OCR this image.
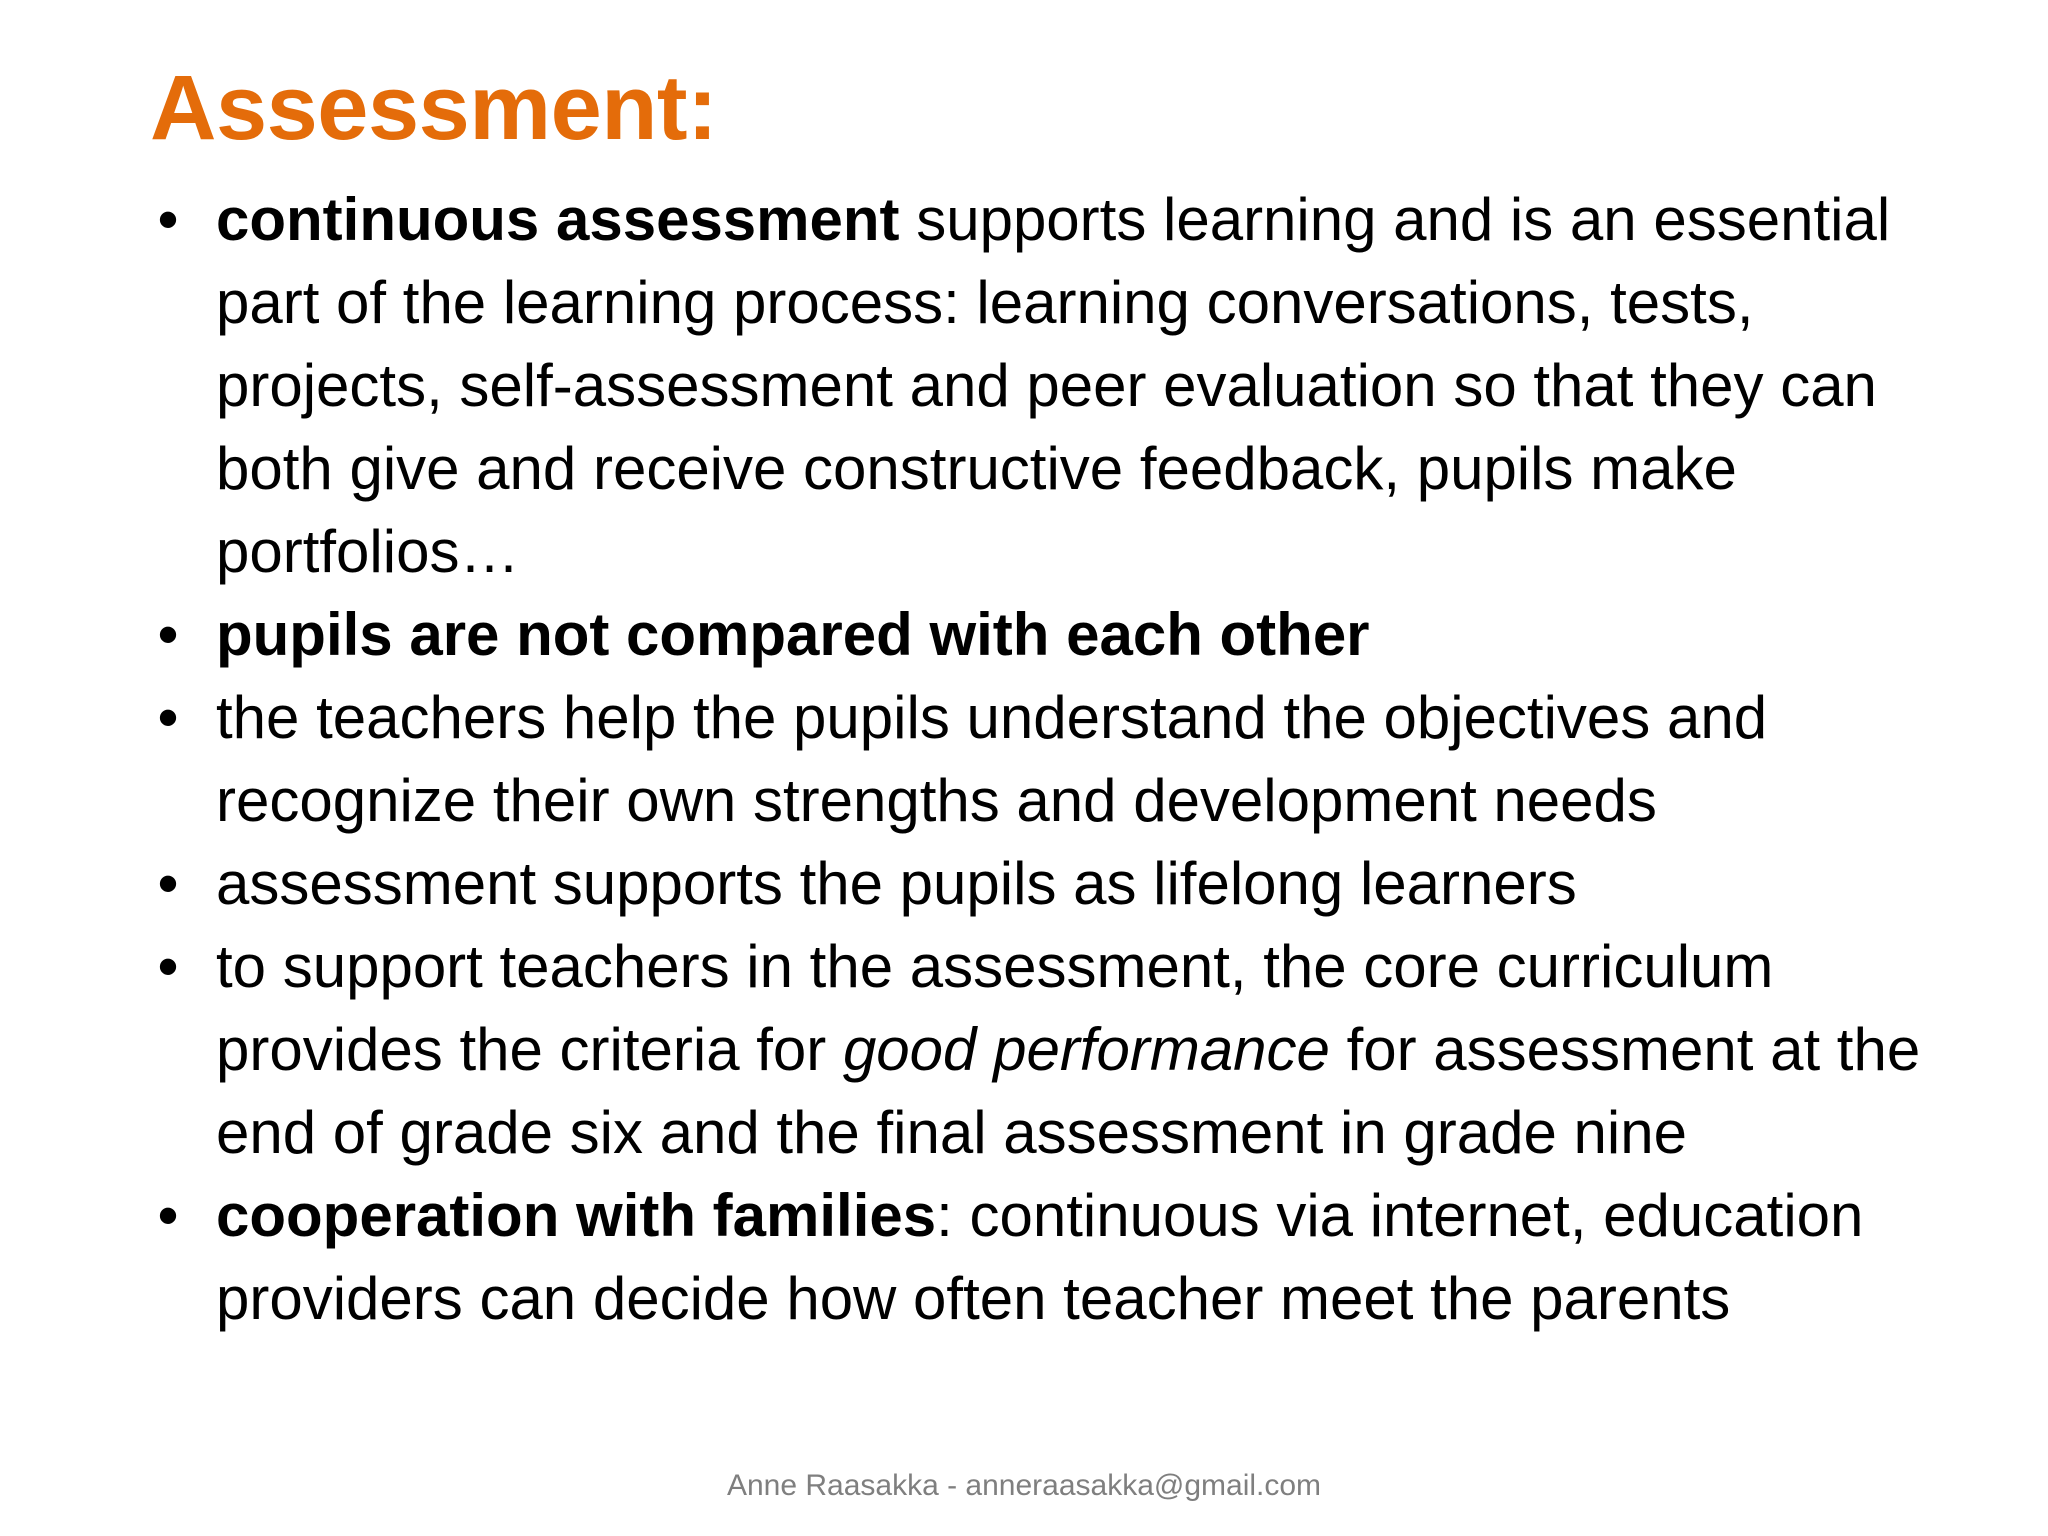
Assessment:
• continuous assessment supports learning and is an essential part of the learning process: learning conversations, tests, projects, self-assessment and peer evaluation so that they can both give and receive constructive feedback, pupils make portfolios…
• pupils are not compared with each other
• the teachers help the pupils understand the objectives and recognize their own strengths and development needs
• assessment supports the pupils as lifelong learners
• to support teachers in the assessment, the core curriculum provides the criteria for good performance for assessment at the end of grade six and the final assessment in grade nine
• cooperation with families: continuous via internet, education providers can decide how often teacher meet the parents
Anne Raasakka - anneraasakka@gmail.com
